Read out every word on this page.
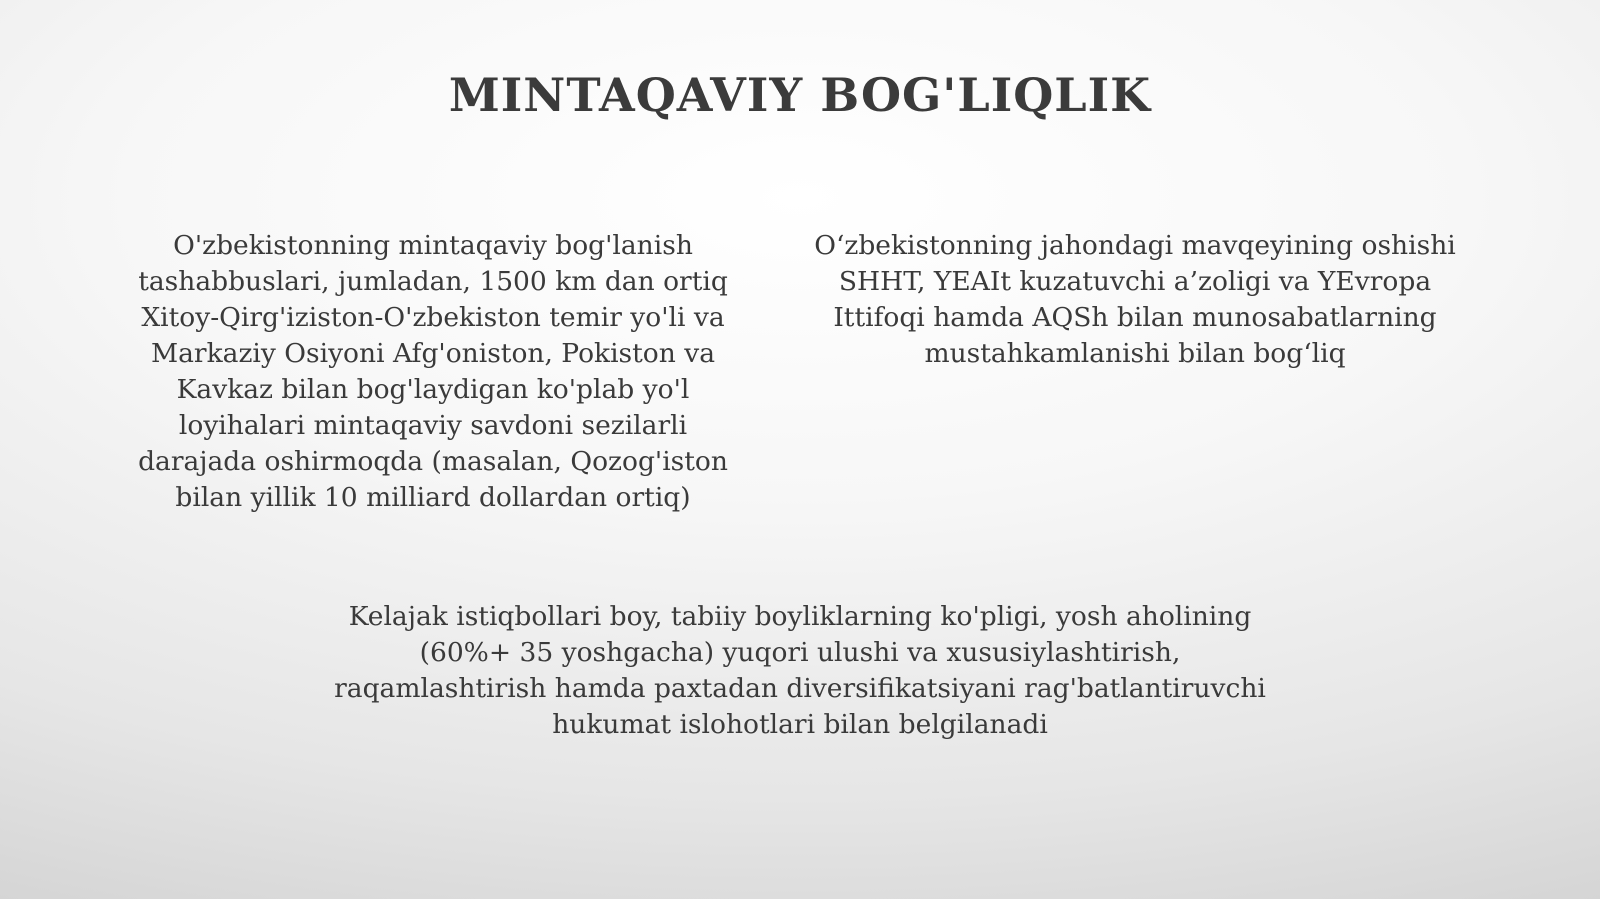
MINTAQAVIY BOG'LIQLIK
O'zbekistonning mintaqaviy bog'lanish
tashabbuslari, jumladan, 1500 km dan ortiq
Xitoy-Qirg'iziston-O'zbekiston temir yo'li va
Markaziy Osiyoni Afg'oniston, Pokiston va
Kavkaz bilan bog'laydigan ko'plab yo'l
loyihalari mintaqaviy savdoni sezilarli
darajada oshirmoqda (masalan, Qozog'iston
bilan yillik 10 milliard dollardan ortiq)
O‘zbekistonning jahondagi mavqeyining oshishi
SHHT, YEAIt kuzatuvchi a’zoligi va YEvropa
Ittifoqi hamda AQSh bilan munosabatlarning
mustahkamlanishi bilan bog‘liq
Kelajak istiqbollari boy, tabiiy boyliklarning ko'pligi, yosh aholining
(60%+ 35 yoshgacha) yuqori ulushi va xususiylashtirish,
raqamlashtirish hamda paxtadan diversifikatsiyani rag'batlantiruvchi
hukumat islohotlari bilan belgilanadi
